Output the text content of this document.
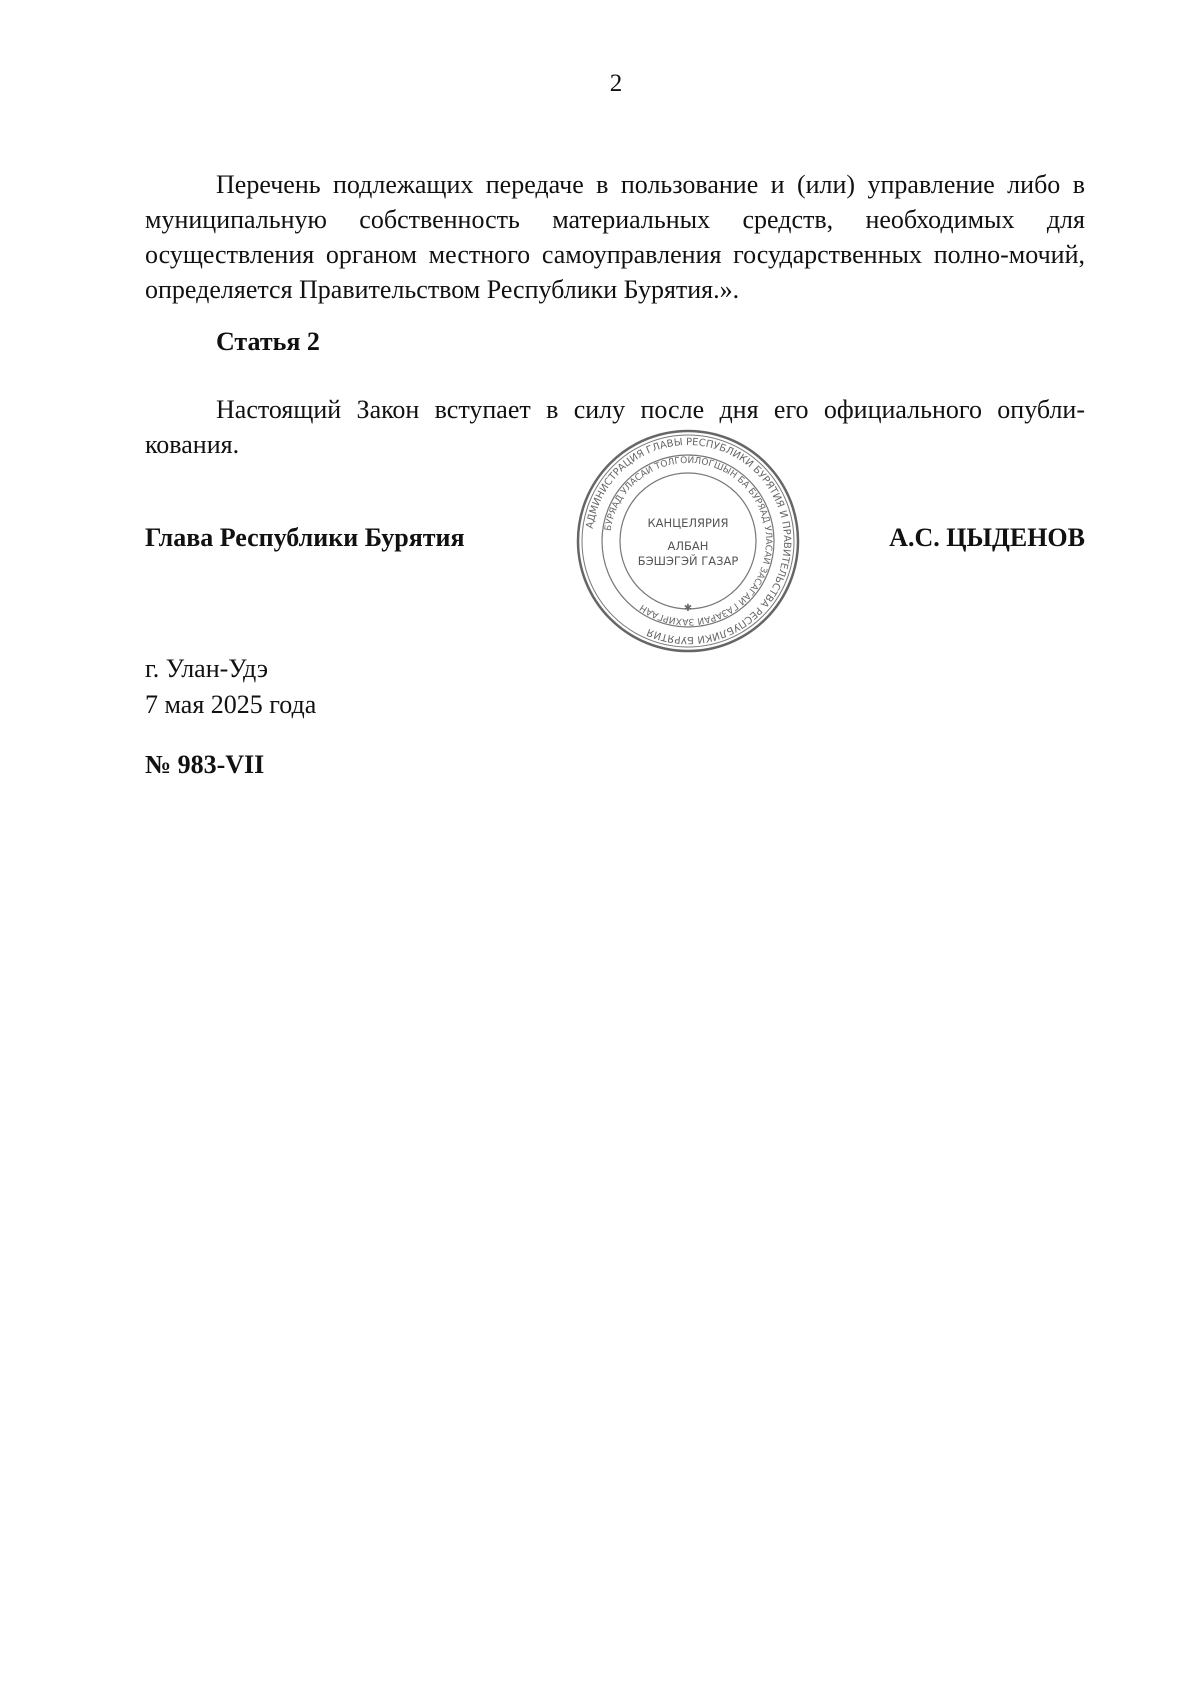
2

Перечень подлежащих передаче в пользование и (или) управление либо в муниципальную собственность материальных средств, необходимых для осуществления органом местного самоуправления государственных полно-мочий, определяется Правительством Республики Бурятия.».

Статья 2

Настоящий Закон вступает в силу после дня его официального опубли-кования.

Глава Республики Бурятия	А.С. ЦЫДЕНОВ
АДМИНИСТРАЦИЯ ГЛАВЫ РЕСПУБЛИКИ БУРЯТИЯ И ПРАВИТЕЛЬСТВА РЕСПУБЛИКИ БУРЯТИЯ
БУРЯАД УЛАСАЙ ТОЛГОЙЛОГШЫН БА БУРЯАД УЛАСАЙ ЗАСАГАЙ ГАЗАРАЙ ЗАХИРГААН
КАНЦЕЛЯРИЯ
АЛБАН
БЭШЭГЭЙ ГАЗАР
✱
г. Улан-Удэ
7 мая 2025 года
№ 983-VII
